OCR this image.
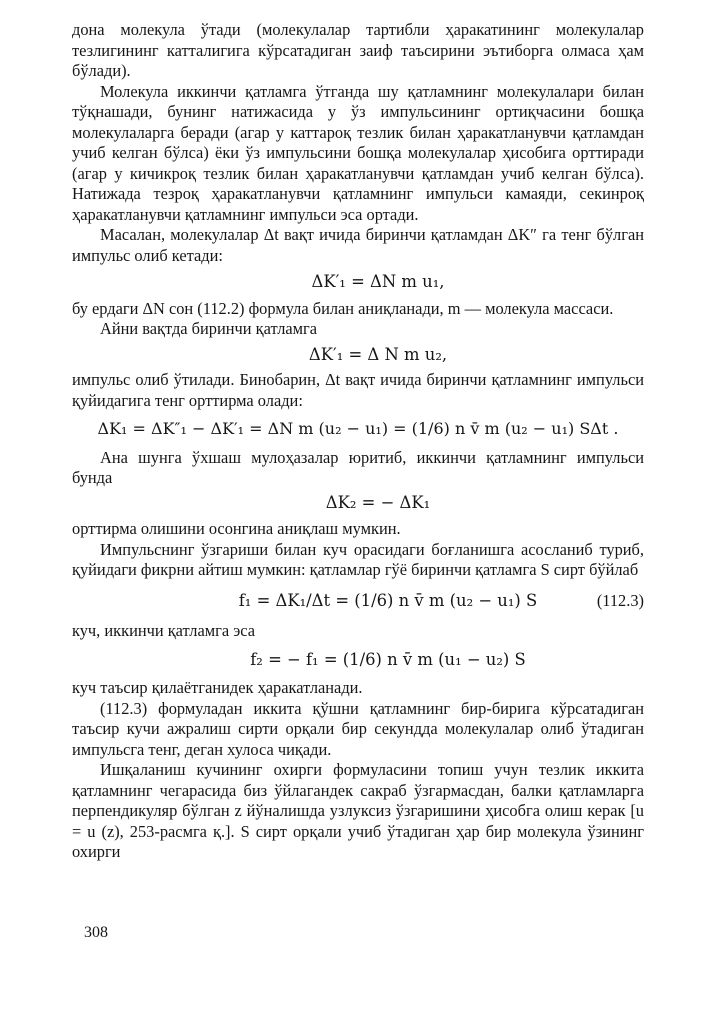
дона молекула ўтади (молекулалар тартибли ҳаракатининг молекулалар тезлигининг катталигига кўрсатадиган заиф таъсирини эътиборга олмаса ҳам бўлади).

Молекула иккинчи қатламга ўтганда шу қатламнинг молекулалари билан тўқнашади, бунинг натижасида у ўз импульсининг ортиқчасини бошқа молекулаларга беради (агар у каттароқ тезлик билан ҳаракатланувчи қатламдан учиб келган бўлса) ёки ўз импульсини бошқа молекулалар ҳисобига орттиради (агар у кичикроқ тезлик билан ҳаракатланувчи қатламдан учиб келган бўлса). Натижада тезроқ ҳаракатланувчи қатламнинг импульси камаяди, секинроқ ҳаракатланувчи қатламнинг импульси эса ортади.

Масалан, молекулалар Δt вақт ичида биринчи қатламдан ΔK″ га тенг бўлган импульс олиб кетади:

ΔK′₁ = ΔN m u₁,

бу ердаги ΔN сон (112.2) формула билан аниқланади, m — молекула массаси.

Айни вақтда биринчи қатламга

ΔK′₁ = Δ N m u₂,

импульс олиб ўтилади. Бинобарин, Δt вақт ичида биринчи қатламнинг импульси қуйидагига тенг орттирма олади:

ΔK₁ = ΔK″₁ − ΔK′₁ = ΔN m (u₂ − u₁) = (1/6) n v̄ m (u₂ − u₁) SΔt .

Ана шунга ўхшаш мулоҳазалар юритиб, иккинчи қатламнинг импульси бунда

ΔK₂ = − ΔK₁

орттирма олишини осонгина аниқлаш мумкин.

Импульснинг ўзгариши билан куч орасидаги боғланишга асосланиб туриб, қуйидаги фикрни айтиш мумкин: қатламлар гўё биринчи қатламга S сирт бўйлаб

f₁ = ΔK₁/Δt = (1/6) n v̄ m (u₂ − u₁) S	(112.3)

куч, иккинчи қатламга эса

f₂ = − f₁ = (1/6) n v̄ m (u₁ − u₂) S

куч таъсир қилаётганидек ҳаракатланади.

(112.3) формуладан иккита қўшни қатламнинг бир-бирига кўрсатадиган таъсир кучи ажралиш сирти орқали бир секундда молекулалар олиб ўтадиган импульсга тенг, деган хулоса чиқади.

Ишқаланиш кучининг охирги формуласини топиш учун тезлик иккита қатламнинг чегарасида биз ўйлагандек сакраб ўзгармасдан, балки қатламларга перпендикуляр бўлган z йўналишда узлуксиз ўзгаришини ҳисобга олиш керак [u = u (z), 253-расмга қ.]. S сирт орқали учиб ўтадиган ҳар бир молекула ўзининг охирги

308
